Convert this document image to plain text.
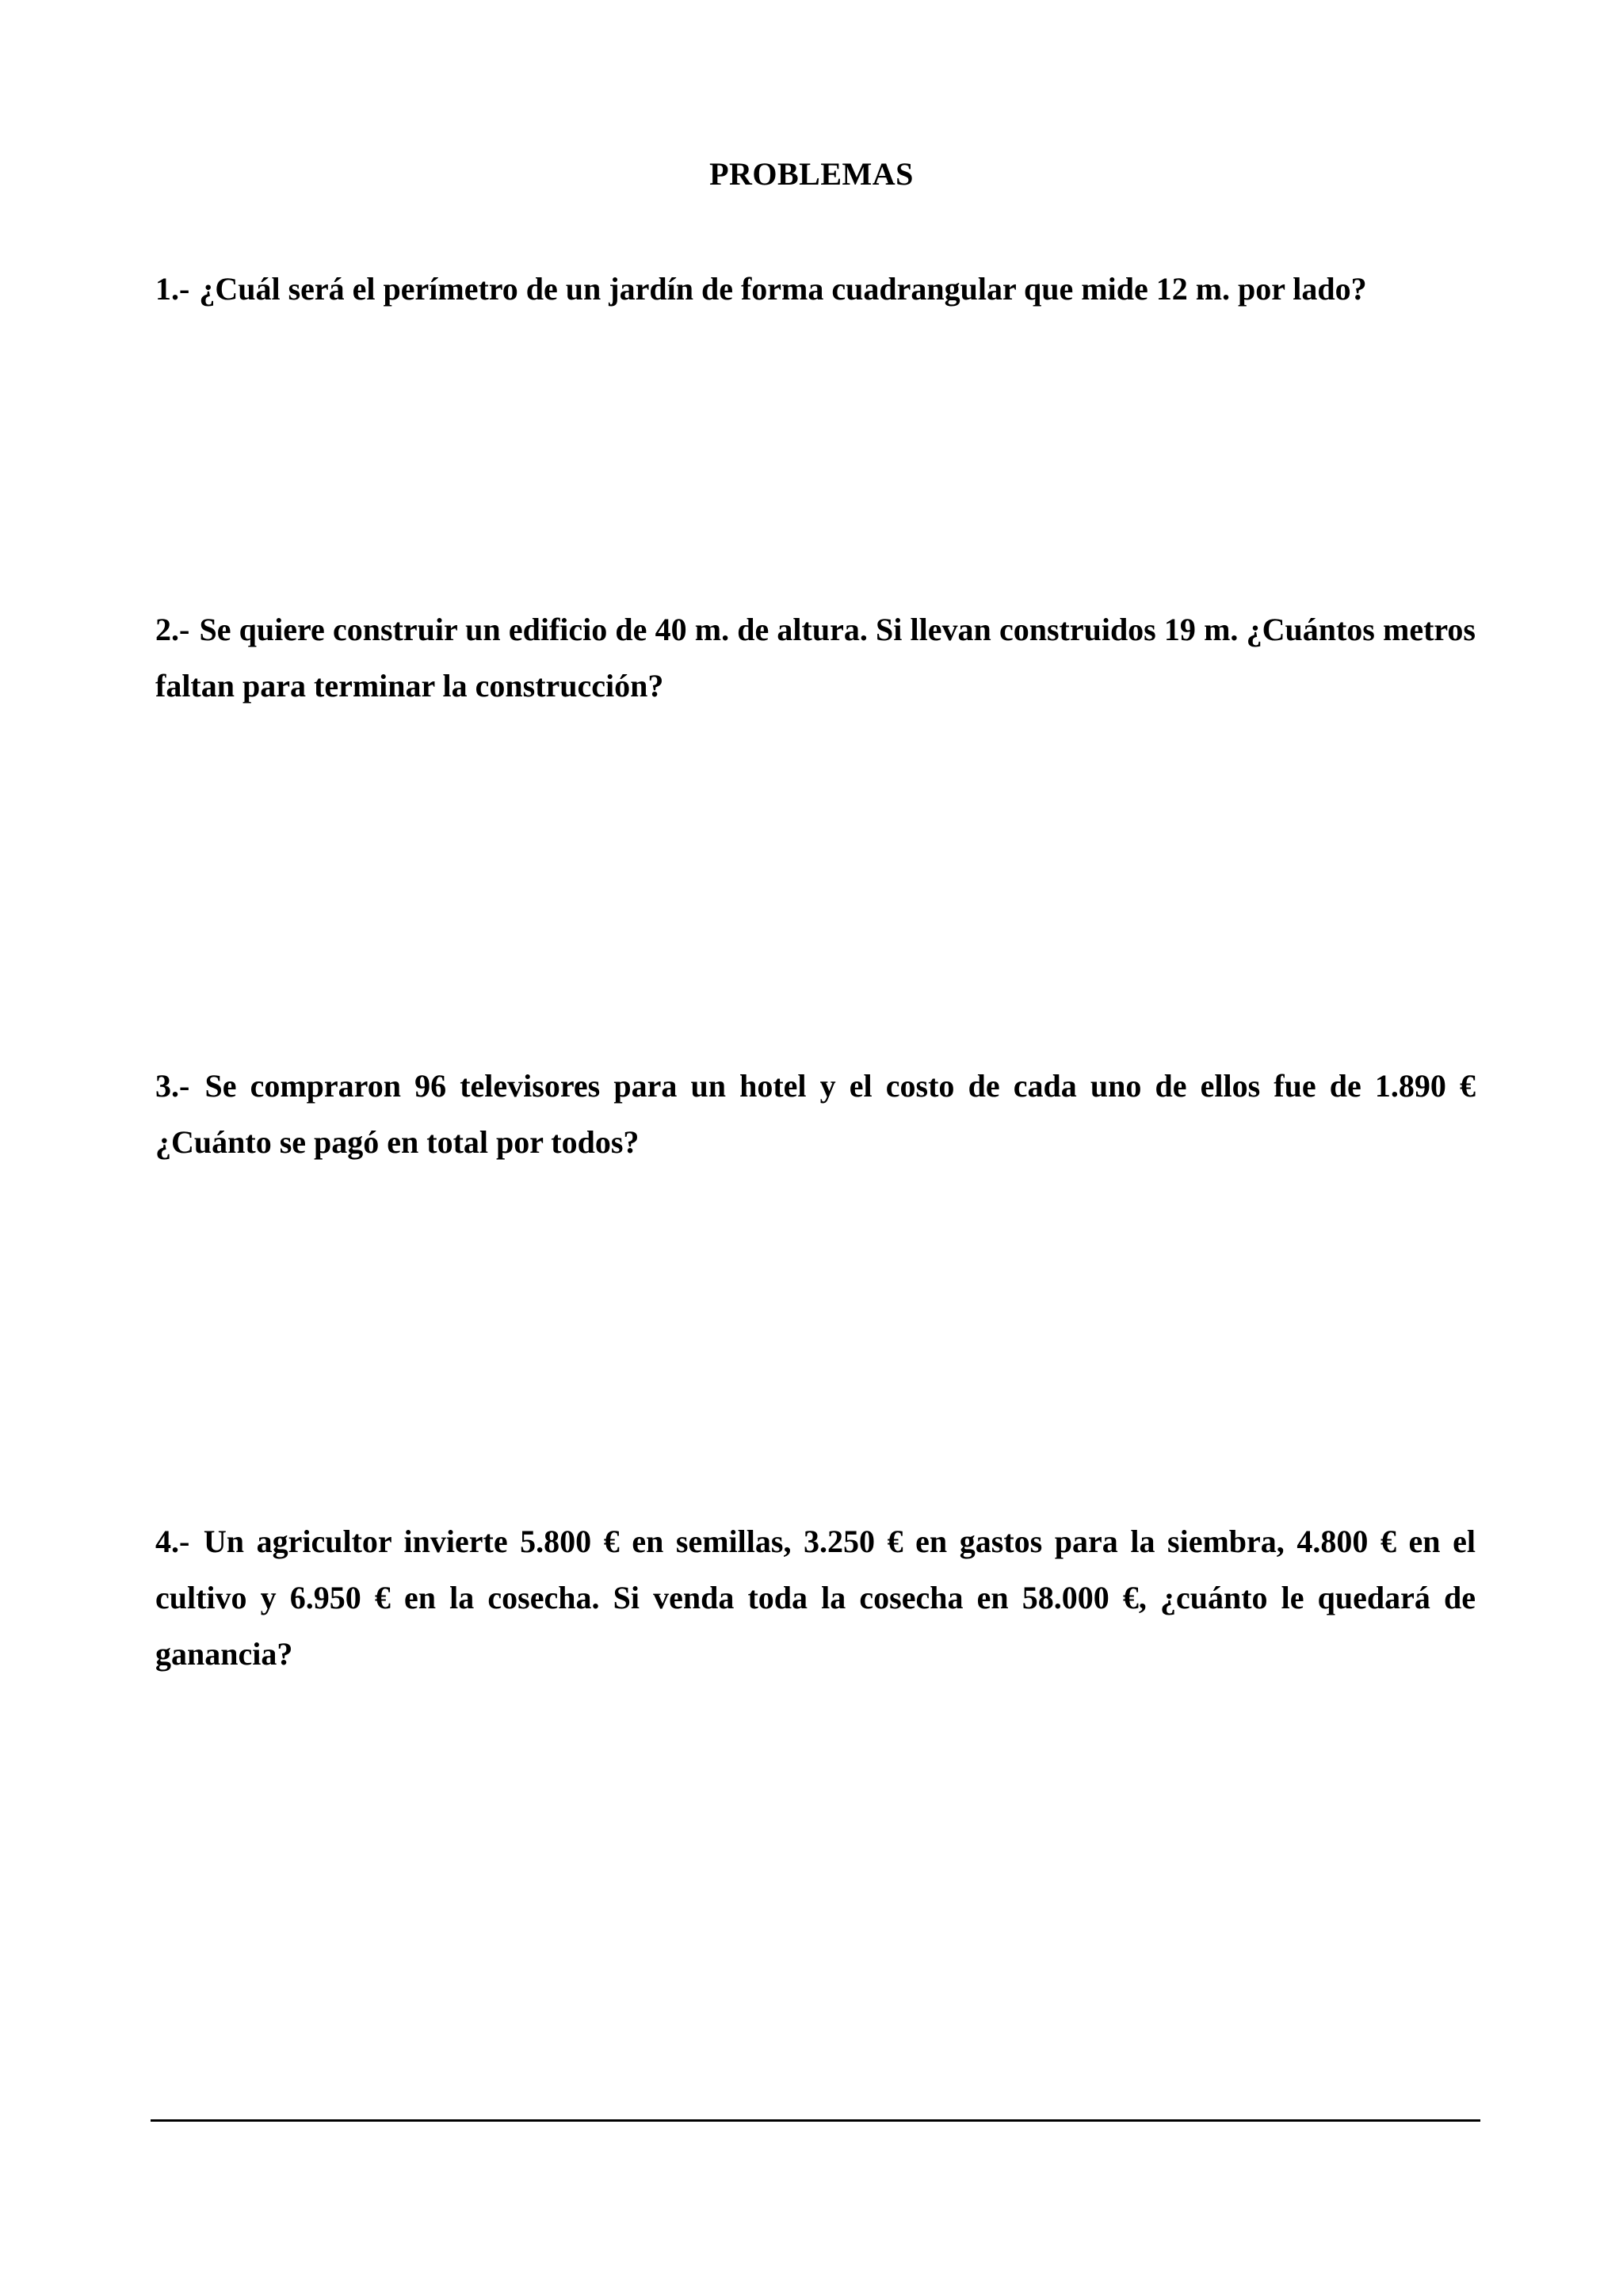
PROBLEMAS
1.- ¿Cuál será el perímetro de un jardín de forma cuadrangular que mide 12 m. por lado?
2.- Se quiere construir un edificio de 40 m. de altura. Si llevan construidos 19 m. ¿Cuántos metros faltan para terminar la construcción?
3.- Se compraron 96 televisores para un hotel y el costo de cada uno de ellos fue de 1.890 € ¿Cuánto se pagó en total por todos?
4.- Un agricultor invierte 5.800 € en semillas, 3.250 € en gastos para la siembra, 4.800 € en el cultivo y 6.950 € en la cosecha. Si venda toda la cosecha en 58.000 €, ¿cuánto le quedará de ganancia?
